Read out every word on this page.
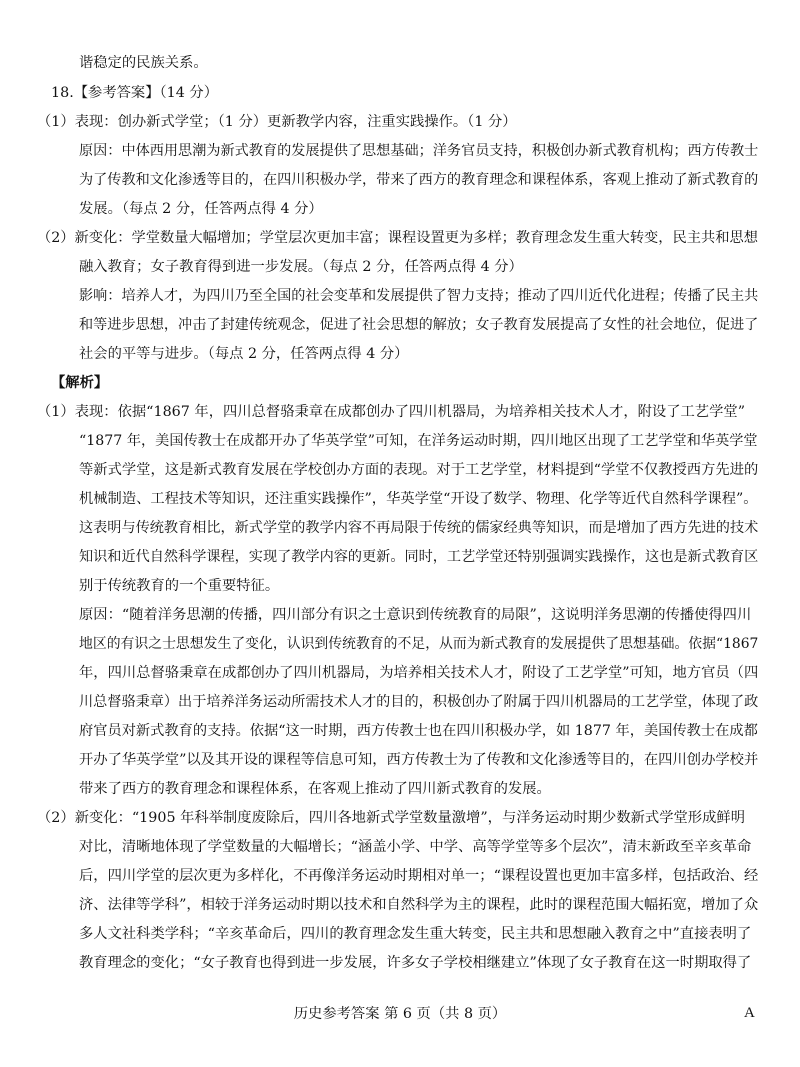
谐稳定的民族关系。
18.【参考答案】（14 分）
（1）表现：创办新式学堂；（1 分）更新教学内容，注重实践操作。（1 分）
原因：中体西用思潮为新式教育的发展提供了思想基础；洋务官员支持，积极创办新式教育机构；西方传教士
为了传教和文化渗透等目的，在四川积极办学，带来了西方的教育理念和课程体系，客观上推动了新式教育的
发展。（每点 2 分，任答两点得 4 分）
（2）新变化：学堂数量大幅增加；学堂层次更加丰富；课程设置更为多样；教育理念发生重大转变，民主共和思想
融入教育；女子教育得到进一步发展。（每点 2 分，任答两点得 4 分）
影响：培养人才，为四川乃至全国的社会变革和发展提供了智力支持；推动了四川近代化进程；传播了民主共
和等进步思想，冲击了封建传统观念，促进了社会思想的解放；女子教育发展提高了女性的社会地位，促进了
社会的平等与进步。（每点 2 分，任答两点得 4 分）
【解析】
（1）表现：依据“1867 年，四川总督骆秉章在成都创办了四川机器局，为培养相关技术人才，附设了工艺学堂”
“1877 年，美国传教士在成都开办了华英学堂”可知，在洋务运动时期，四川地区出现了工艺学堂和华英学堂
等新式学堂，这是新式教育发展在学校创办方面的表现。对于工艺学堂，材料提到“学堂不仅教授西方先进的
机械制造、工程技术等知识，还注重实践操作”，华英学堂“开设了数学、物理、化学等近代自然科学课程”。
这表明与传统教育相比，新式学堂的教学内容不再局限于传统的儒家经典等知识，而是增加了西方先进的技术
知识和近代自然科学课程，实现了教学内容的更新。同时，工艺学堂还特别强调实践操作，这也是新式教育区
别于传统教育的一个重要特征。
原因：“随着洋务思潮的传播，四川部分有识之士意识到传统教育的局限”，这说明洋务思潮的传播使得四川
地区的有识之士思想发生了变化，认识到传统教育的不足，从而为新式教育的发展提供了思想基础。依据“1867
年，四川总督骆秉章在成都创办了四川机器局，为培养相关技术人才，附设了工艺学堂”可知，地方官员（四
川总督骆秉章）出于培养洋务运动所需技术人才的目的，积极创办了附属于四川机器局的工艺学堂，体现了政
府官员对新式教育的支持。依据“这一时期，西方传教士也在四川积极办学，如 1877 年，美国传教士在成都
开办了华英学堂”以及其开设的课程等信息可知，西方传教士为了传教和文化渗透等目的，在四川创办学校并
带来了西方的教育理念和课程体系，在客观上推动了四川新式教育的发展。
（2）新变化：“1905 年科举制度废除后，四川各地新式学堂数量激增”，与洋务运动时期少数新式学堂形成鲜明
对比，清晰地体现了学堂数量的大幅增长；“涵盖小学、中学、高等学堂等多个层次”，清末新政至辛亥革命
后，四川学堂的层次更为多样化，不再像洋务运动时期相对单一；“课程设置也更加丰富多样，包括政治、经
济、法律等学科”，相较于洋务运动时期以技术和自然科学为主的课程，此时的课程范围大幅拓宽，增加了众
多人文社科类学科；“辛亥革命后，四川的教育理念发生重大转变，民主共和思想融入教育之中”直接表明了
教育理念的变化；“女子教育也得到进一步发展，许多女子学校相继建立”体现了女子教育在这一时期取得了
历史参考答案 第 6 页（共 8 页）	A
